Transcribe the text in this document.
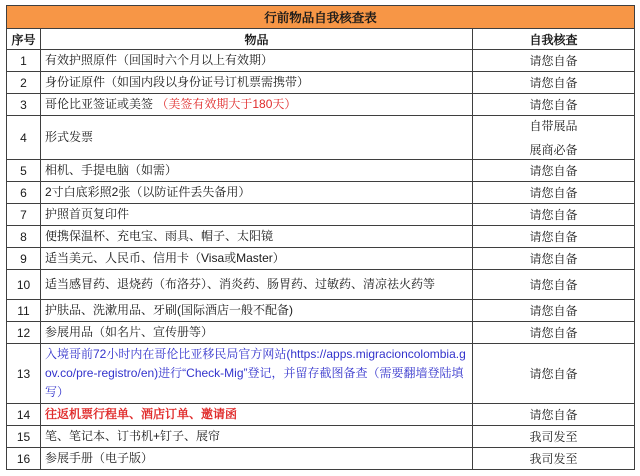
行前物品自我核查表		
序号	物品	自我核查
1	有效护照原件（回国时六个月以上有效期）	请您自备
2	身份证原件（如国内段以身份证号订机票需携带）	请您自备
3	哥伦比亚签证或美签 （美签有效期大于180天）	请您自备
4	形式发票	自带展品
展商必备

5	相机、手提电脑（如需）	请您自备
6	2寸白底彩照2张（以防证件丢失备用）	请您自备
7	护照首页复印件	请您自备
8	便携保温杯、充电宝、雨具、帽子、太阳镜	请您自备
9	适当美元、人民币、信用卡（Visa或Master）	请您自备
10	适当感冒药、退烧药（布洛芬）、消炎药、肠胃药、过敏药、清凉祛火药等	请您自备
11	护肤品、洗漱用品、牙刷(国际酒店一般不配备)	请您自备
12	参展用品（如名片、宣传册等）	请您自备
13	入境哥前72小时内在哥伦比亚移民局官方网站(https://apps.migracioncolombia.gov.co/pre-registro/en)进行“Check-Mig”登记，并留存截图备查（需要翻墙登陆填写）	请您自备
14	往返机票行程单、酒店订单、邀请函	请您自备
15	笔、笔记本、订书机+钉子、展帘	我司发至
16	参展手册（电子版）	我司发至
